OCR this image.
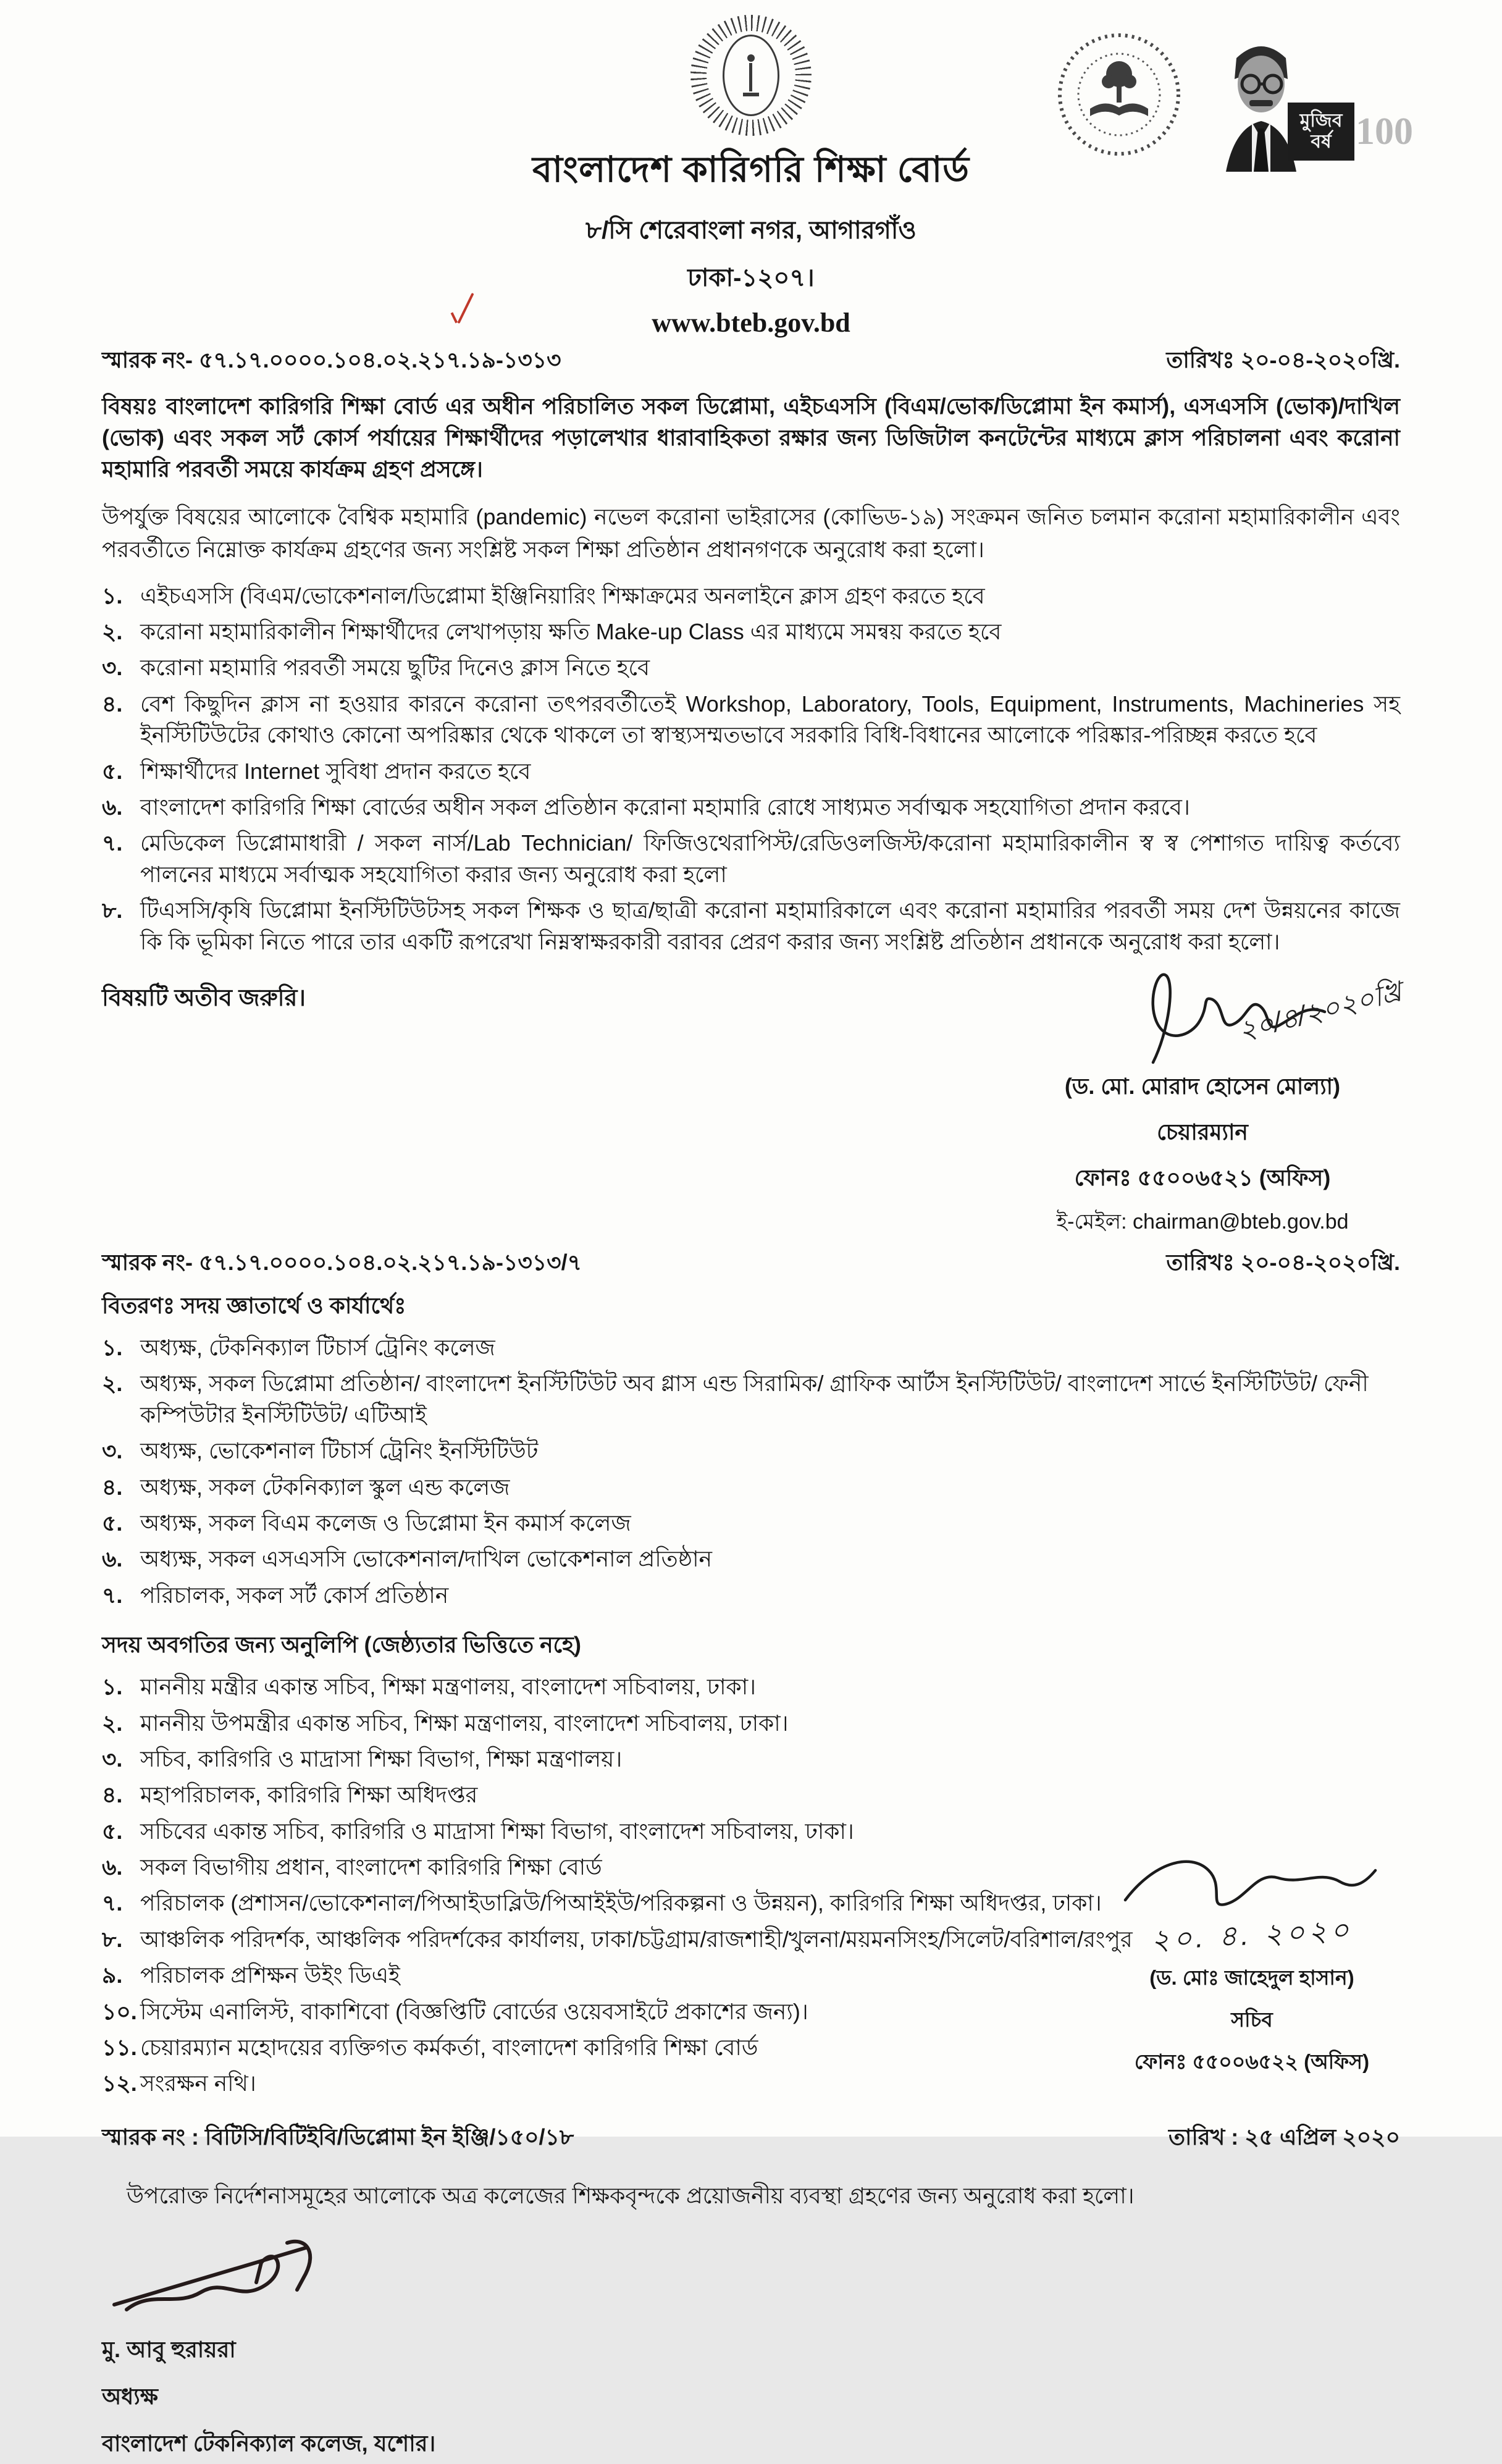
বাংলাদেশ কারিগরি শিক্ষা বোর্ড
৮/সি শেরেবাংলা নগর, আগারগাঁও
ঢাকা-১২০৭।
www.bteb.gov.bd
মুজিব
বর্ষ 100
স্মারক নং- ৫৭.১৭.০০০০.১০৪.০২.২১৭.১৯-১৩১৩	তারিখঃ ২০-০৪-২০২০খ্রি.

বিষয়ঃ বাংলাদেশ কারিগরি শিক্ষা বোর্ড এর অধীন পরিচালিত সকল ডিপ্লোমা, এইচএসসি (বিএম/ভোক/ডিপ্লোমা ইন কমার্স), এসএসসি (ভোক)/দাখিল (ভোক) এবং সকল সর্ট কোর্স পর্যায়ের শিক্ষার্থীদের পড়ালেখার ধারাবাহিকতা রক্ষার জন্য ডিজিটাল কনটেন্টের মাধ্যমে ক্লাস পরিচালনা এবং করোনা মহামারি পরবর্তী সময়ে কার্যক্রম গ্রহণ প্রসঙ্গে।

উপর্যুক্ত বিষয়ের আলোকে বৈশ্বিক মহামারি (pandemic) নভেল করোনা ভাইরাসের (কোভিড-১৯) সংক্রমন জনিত চলমান করোনা মহামারিকালীন এবং পরবর্তীতে নিম্নোক্ত কার্যক্রম গ্রহণের জন্য সংশ্লিষ্ট সকল শিক্ষা প্রতিষ্ঠান প্রধানগণকে অনুরোধ করা হলো।

১. এইচএসসি (বিএম/ভোকেশনাল/ডিপ্লোমা ইঞ্জিনিয়ারিং শিক্ষাক্রমের অনলাইনে ক্লাস গ্রহণ করতে হবে
২. করোনা মহামারিকালীন শিক্ষার্থীদের লেখাপড়ায় ক্ষতি Make-up Class এর মাধ্যমে সমন্বয় করতে হবে
৩. করোনা মহামারি পরবর্তী সময়ে ছুটির দিনেও ক্লাস নিতে হবে
৪. বেশ কিছুদিন ক্লাস না হওয়ার কারনে করোনা তৎপরবর্তীতেই Workshop, Laboratory, Tools, Equipment, Instruments, Machineries সহ ইনস্টিটিউটের কোথাও কোনো অপরিষ্কার থেকে থাকলে তা স্বাস্থ্যসম্মতভাবে সরকারি বিধি-বিধানের আলোকে পরিষ্কার-পরিচ্ছন্ন করতে হবে
৫. শিক্ষার্থীদের Internet সুবিধা প্রদান করতে হবে
৬. বাংলাদেশ কারিগরি শিক্ষা বোর্ডের অধীন সকল প্রতিষ্ঠান করোনা মহামারি রোধে সাধ্যমত সর্বাত্মক সহযোগিতা প্রদান করবে।
৭. মেডিকেল ডিপ্লোমাধারী / সকল নার্স/Lab Technician/ ফিজিওথেরাপিস্ট/রেডিওলজিস্ট/করোনা মহামারিকালীন স্ব স্ব পেশাগত দায়িত্ব কর্তব্যে পালনের মাধ্যমে সর্বাত্মক সহযোগিতা করার জন্য অনুরোধ করা হলো
৮. টিএসসি/কৃষি ডিপ্লোমা ইনস্টিটিউটসহ সকল শিক্ষক ও ছাত্র/ছাত্রী করোনা মহামারিকালে এবং করোনা মহামারির পরবর্তী সময় দেশ উন্নয়নের কাজে কি কি ভূমিকা নিতে পারে তার একটি রূপরেখা নিম্নস্বাক্ষরকারী বরাবর প্রেরণ করার জন্য সংশ্লিষ্ট প্রতিষ্ঠান প্রধানকে অনুরোধ করা হলো।
বিষয়টি অতীব জরুরি।	২০/৪/২০২০খ্রি
(ড. মো. মোরাদ হোসেন মোল্যা)
চেয়ারম্যান
ফোনঃ ৫৫০০৬৫২১ (অফিস)
ই-মেইল: chairman@bteb.gov.bd
স্মারক নং- ৫৭.১৭.০০০০.১০৪.০২.২১৭.১৯-১৩১৩/৭	তারিখঃ ২০-০৪-২০২০খ্রি.
বিতরণঃ সদয় জ্ঞাতার্থে ও কার্যার্থেঃ
১. অধ্যক্ষ, টেকনিক্যাল টিচার্স ট্রেনিং কলেজ
২. অধ্যক্ষ, সকল ডিপ্লোমা প্রতিষ্ঠান/ বাংলাদেশ ইনস্টিটিউট অব গ্লাস এন্ড সিরামিক/ গ্রাফিক আর্টস ইনস্টিটিউট/ বাংলাদেশ সার্ভে ইনস্টিটিউট/ ফেনী কম্পিউটার ইনস্টিটিউট/ এটিআই
৩. অধ্যক্ষ, ভোকেশনাল টিচার্স ট্রেনিং ইনস্টিটিউট
৪. অধ্যক্ষ, সকল টেকনিক্যাল স্কুল এন্ড কলেজ
৫. অধ্যক্ষ, সকল বিএম কলেজ ও ডিপ্লোমা ইন কমার্স কলেজ
৬. অধ্যক্ষ, সকল এসএসসি ভোকেশনাল/দাখিল ভোকেশনাল প্রতিষ্ঠান
৭. পরিচালক, সকল সর্ট কোর্স প্রতিষ্ঠান
সদয় অবগতির জন্য অনুলিপি (জেষ্ঠ্যতার ভিত্তিতে নহে)
১. মাননীয় মন্ত্রীর একান্ত সচিব, শিক্ষা মন্ত্রণালয়, বাংলাদেশ সচিবালয়, ঢাকা।
২. মাননীয় উপমন্ত্রীর একান্ত সচিব, শিক্ষা মন্ত্রণালয়, বাংলাদেশ সচিবালয়, ঢাকা।
৩. সচিব, কারিগরি ও মাদ্রাসা শিক্ষা বিভাগ, শিক্ষা মন্ত্রণালয়।
৪. মহাপরিচালক, কারিগরি শিক্ষা অধিদপ্তর
৫. সচিবের একান্ত সচিব, কারিগরি ও মাদ্রাসা শিক্ষা বিভাগ, বাংলাদেশ সচিবালয়, ঢাকা।
৬. সকল বিভাগীয় প্রধান, বাংলাদেশ কারিগরি শিক্ষা বোর্ড
৭. পরিচালক (প্রশাসন/ভোকেশনাল/পিআইডাব্লিউ/পিআইইউ/পরিকল্পনা ও উন্নয়ন), কারিগরি শিক্ষা অধিদপ্তর, ঢাকা।
৮. আঞ্চলিক পরিদর্শক, আঞ্চলিক পরিদর্শকের কার্যালয়, ঢাকা/চট্টগ্রাম/রাজশাহী/খুলনা/ময়মনসিংহ/সিলেট/বরিশাল/রংপুর
৯. পরিচালক প্রশিক্ষন উইং ডিএই
১০. সিস্টেম এনালিস্ট, বাকাশিবো (বিজ্ঞপ্তিটি বোর্ডের ওয়েবসাইটে প্রকাশের জন্য)।
১১. চেয়ারম্যান মহোদয়ের ব্যক্তিগত কর্মকর্তা, বাংলাদেশ কারিগরি শিক্ষা বোর্ড
১২. সংরক্ষন নথি।
২০. ৪. ২০২০
(ড. মোঃ জাহেদুল হাসান)
সচিব
ফোনঃ ৫৫০০৬৫২২ (অফিস)
স্মারক নং : বিটিসি/বিটিইবি/ডিপ্লোমা ইন ইঞ্জি/১৫০/১৮	তারিখ : ২৫ এপ্রিল ২০২০

উপরোক্ত নির্দেশনাসমূহের আলোকে অত্র কলেজের শিক্ষকবৃন্দকে প্রয়োজনীয় ব্যবস্থা গ্রহণের জন্য অনুরোধ করা হলো।

মু. আবু হুরায়রা
অধ্যক্ষ
বাংলাদেশ টেকনিক্যাল কলেজ, যশোর।
